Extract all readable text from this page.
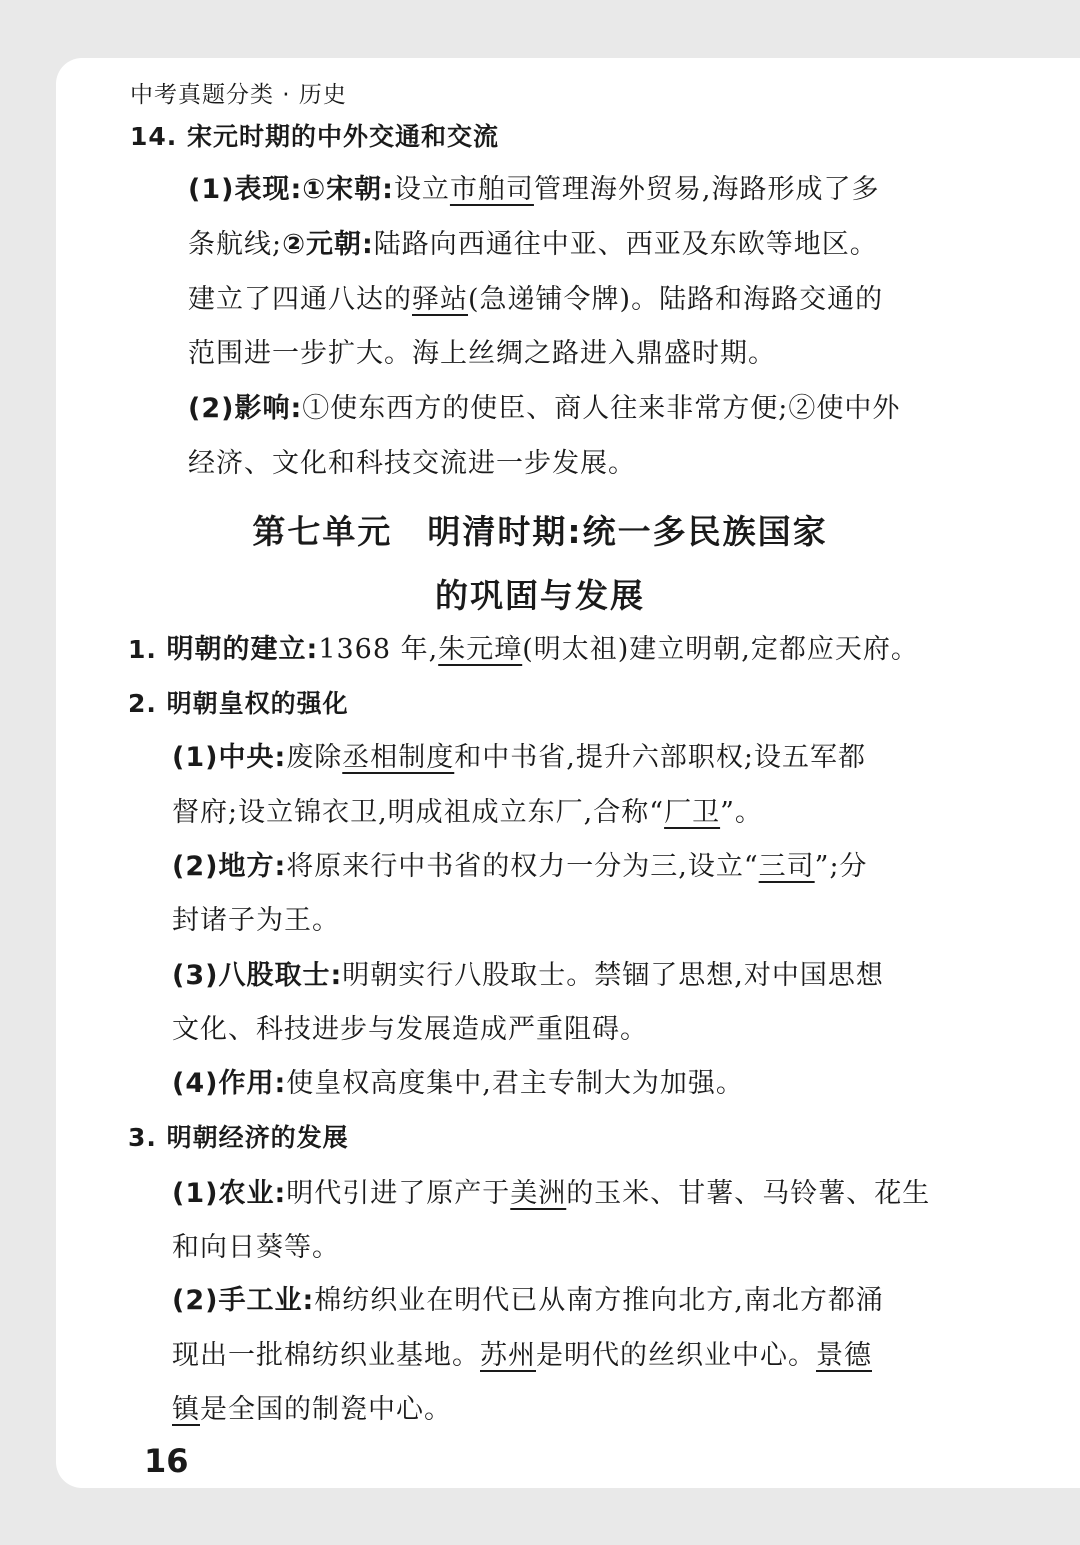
中考真题分类 · 历史
14. 宋元时期的中外交通和交流
(1)表现:①宋朝:设立市舶司管理海外贸易,海路形成了多
条航线;②元朝:陆路向西通往中亚、西亚及东欧等地区。
建立了四通八达的驿站(急递铺令牌)。陆路和海路交通的
范围进一步扩大。海上丝绸之路进入鼎盛时期。
(2)影响:①使东西方的使臣、商人往来非常方便;②使中外
经济、文化和科技交流进一步发展。
第七单元　明清时期:统一多民族国家
的巩固与发展
1. 明朝的建立:1368 年,朱元璋(明太祖)建立明朝,定都应天府。
2. 明朝皇权的强化
(1)中央:废除丞相制度和中书省,提升六部职权;设五军都
督府;设立锦衣卫,明成祖成立东厂,合称“厂卫”。
(2)地方:将原来行中书省的权力一分为三,设立“三司”;分
封诸子为王。
(3)八股取士:明朝实行八股取士。禁锢了思想,对中国思想
文化、科技进步与发展造成严重阻碍。
(4)作用:使皇权高度集中,君主专制大为加强。
3. 明朝经济的发展
(1)农业:明代引进了原产于美洲的玉米、甘薯、马铃薯、花生
和向日葵等。
(2)手工业:棉纺织业在明代已从南方推向北方,南北方都涌
现出一批棉纺织业基地。苏州是明代的丝织业中心。景德
镇是全国的制瓷中心。
16
